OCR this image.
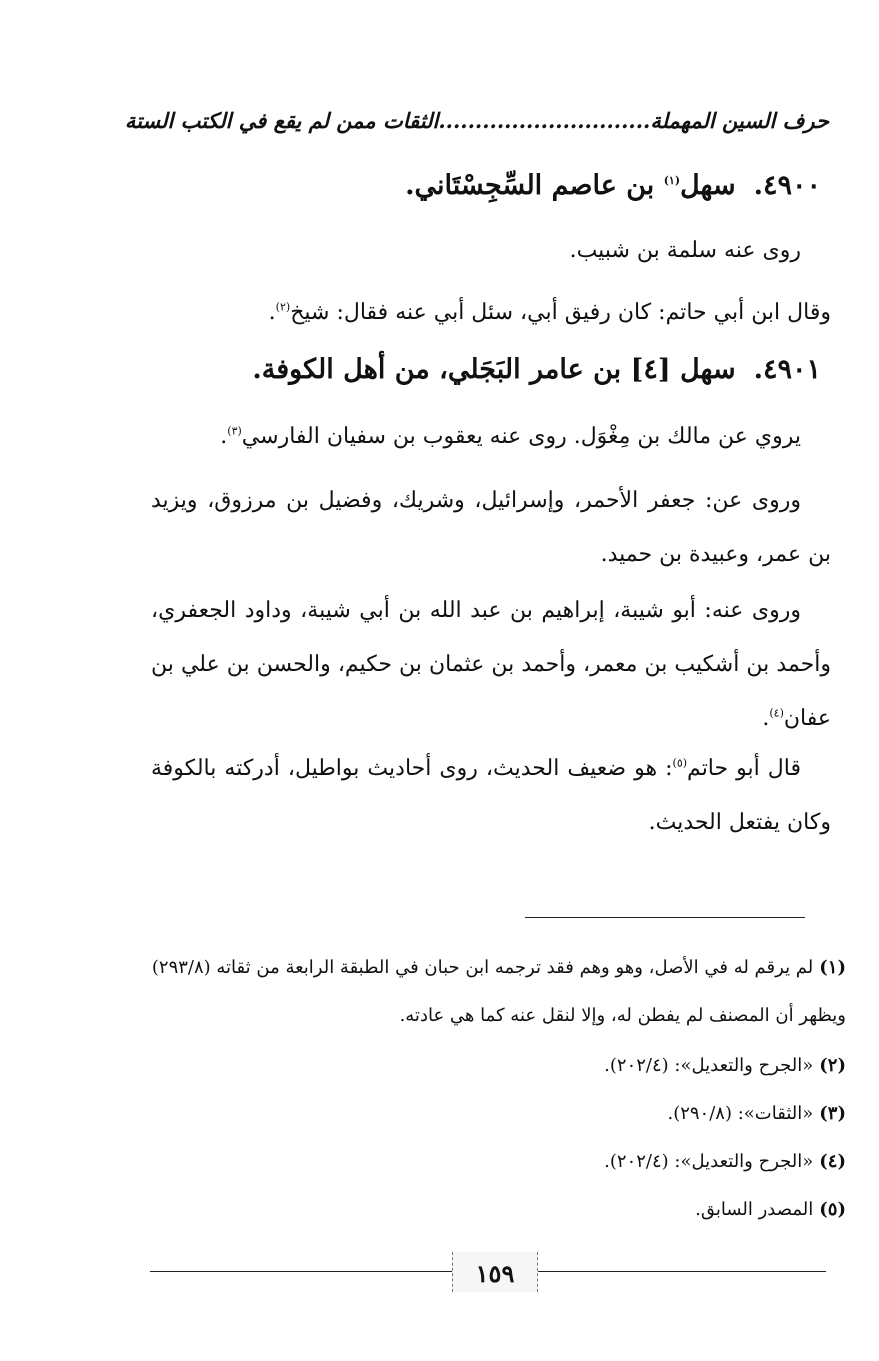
حرف السين المهملة.............................الثقات ممن لم يقع في الكتب الستة
٤٩٠٠.سهل$^{(١)}$ بن عاصم السِّجِسْتَاني.
روى عنه سلمة بن شبيب.
وقال ابن أبي حاتم: كان رفيق أبي، سئل أبي عنه فقال: شيخ$^{(٢)}$.
٤٩٠١.سهل [٤] بن عامر البَجَلي، من أهل الكوفة.
يروي عن مالك بن مِغْوَل. روى عنه يعقوب بن سفيان الفارسي$^{(٣)}$.
وروى عن: جعفر الأحمر، وإسرائيل، وشريك، وفضيل بن مرزوق، ويزيد بن عمر، وعبيدة بن حميد.
وروى عنه: أبو شيبة، إبراهيم بن عبد الله بن أبي شيبة، وداود الجعفري، وأحمد بن أشكيب بن معمر، وأحمد بن عثمان بن حكيم، والحسن بن علي بن عفان$^{(٤)}$.
قال أبو حاتم$^{(٥)}$: هو ضعيف الحديث، روى أحاديث بواطيل، أدركته بالكوفة وكان يفتعل الحديث.
(١)لم يرقم له في الأصل، وهو وهم فقد ترجمه ابن حبان في الطبقة الرابعة من ثقاته (٢٩٣/٨) ويظهر أن المصنف لم يفطن له، وإلا لنقل عنه كما هي عادته.
(٢)«الجرح والتعديل»: (٢٠٢/٤).
(٣)«الثقات»: (٢٩٠/٨).
(٤)«الجرح والتعديل»: (٢٠٢/٤).
(٥)المصدر السابق.
١٥٩
